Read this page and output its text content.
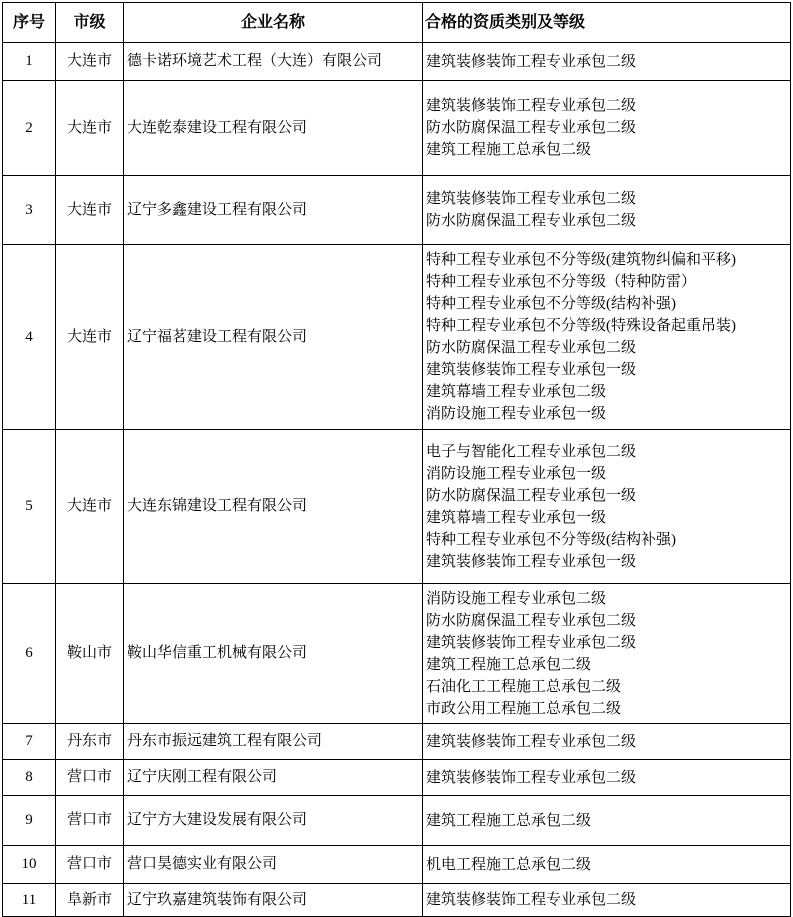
序号	市级	企业名称	合格的资质类别及等级
1	大连市	德卡诺环境艺术工程（大连）有限公司	建筑装修装饰工程专业承包二级

2	大连市	大连乾泰建设工程有限公司	建筑装修装饰工程专业承包二级
防水防腐保温工程专业承包二级
建筑工程施工总承包二级

3	大连市	辽宁多鑫建设工程有限公司	建筑装修装饰工程专业承包二级
防水防腐保温工程专业承包二级

4	大连市	辽宁福茗建设工程有限公司	
特种工程专业承包不分等级(建筑物纠偏和平移)
特种工程专业承包不分等级（特种防雷）
特种工程专业承包不分等级(结构补强)
特种工程专业承包不分等级(特殊设备起重吊装)
防水防腐保温工程专业承包二级
建筑装修装饰工程专业承包一级
建筑幕墙工程专业承包二级
消防设施工程专业承包一级

5	大连市	大连东锦建设工程有限公司	
电子与智能化工程专业承包二级
消防设施工程专业承包一级
防水防腐保温工程专业承包一级
建筑幕墙工程专业承包一级
特种工程专业承包不分等级(结构补强)
建筑装修装饰工程专业承包一级

6	鞍山市	鞍山华信重工机械有限公司	
消防设施工程专业承包二级
防水防腐保温工程专业承包二级
建筑装修装饰工程专业承包二级
建筑工程施工总承包二级
石油化工工程施工总承包二级
市政公用工程施工总承包二级

7	丹东市	丹东市振远建筑工程有限公司	建筑装修装饰工程专业承包二级

8	营口市	辽宁庆刚工程有限公司	建筑装修装饰工程专业承包二级

9	营口市	辽宁方大建设发展有限公司	建筑工程施工总承包二级

10	营口市	营口昊德实业有限公司	机电工程施工总承包二级

11	阜新市	辽宁玖嘉建筑装饰有限公司	建筑装修装饰工程专业承包二级
